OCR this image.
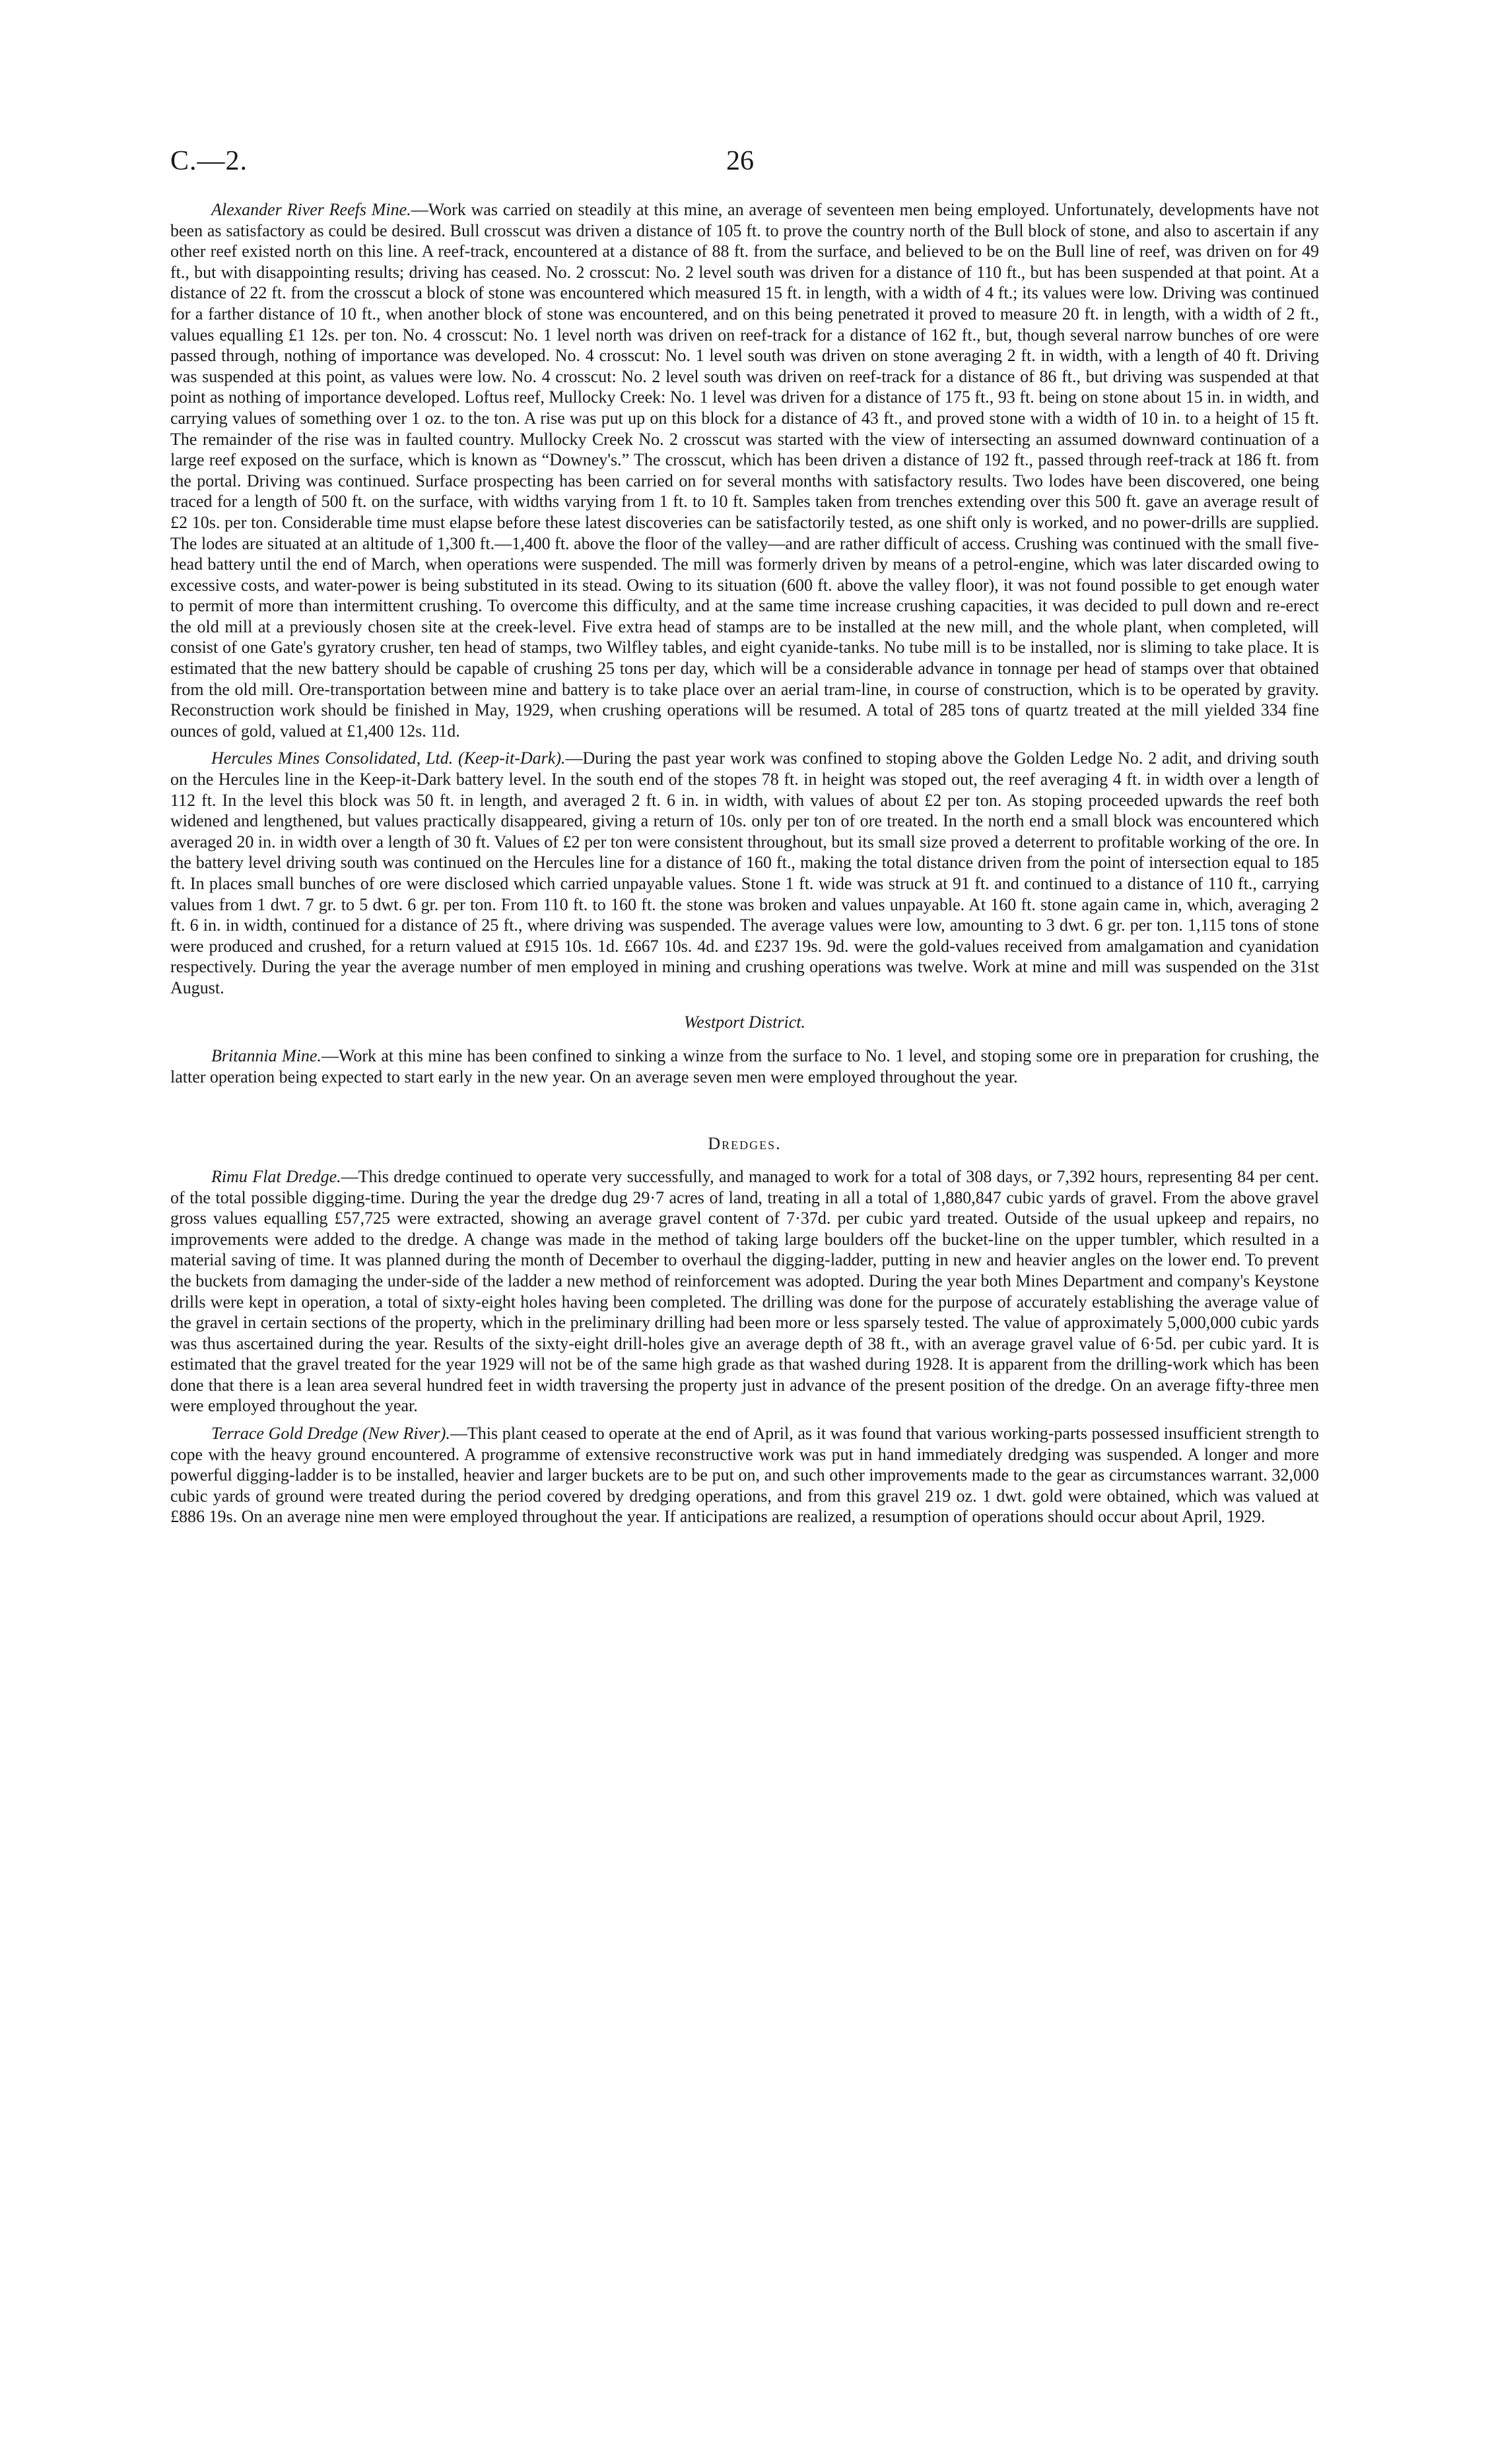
C.—2.	26

Alexander River Reefs Mine.—Work was carried on steadily at this mine, an average of seventeen men being employed. Unfortunately, developments have not been as satisfactory as could be desired. Bull crosscut was driven a distance of 105 ft. to prove the country north of the Bull block of stone, and also to ascertain if any other reef existed north on this line. A reef-track, encountered at a distance of 88 ft. from the surface, and believed to be on the Bull line of reef, was driven on for 49 ft., but with disappointing results; driving has ceased. No. 2 crosscut: No. 2 level south was driven for a distance of 110 ft., but has been suspended at that point. At a distance of 22 ft. from the crosscut a block of stone was encountered which measured 15 ft. in length, with a width of 4 ft.; its values were low. Driving was continued for a farther distance of 10 ft., when another block of stone was encountered, and on this being penetrated it proved to measure 20 ft. in length, with a width of 2 ft., values equalling £1 12s. per ton. No. 4 crosscut: No. 1 level north was driven on reef-track for a distance of 162 ft., but, though several narrow bunches of ore were passed through, nothing of importance was developed. No. 4 crosscut: No. 1 level south was driven on stone averaging 2 ft. in width, with a length of 40 ft. Driving was suspended at this point, as values were low. No. 4 crosscut: No. 2 level south was driven on reef-track for a distance of 86 ft., but driving was suspended at that point as nothing of importance developed. Loftus reef, Mullocky Creek: No. 1 level was driven for a distance of 175 ft., 93 ft. being on stone about 15 in. in width, and carrying values of something over 1 oz. to the ton. A rise was put up on this block for a distance of 43 ft., and proved stone with a width of 10 in. to a height of 15 ft. The remainder of the rise was in faulted country. Mullocky Creek No. 2 crosscut was started with the view of intersecting an assumed downward continuation of a large reef exposed on the surface, which is known as “Downey's.” The crosscut, which has been driven a distance of 192 ft., passed through reef-track at 186 ft. from the portal. Driving was continued. Surface prospecting has been carried on for several months with satisfactory results. Two lodes have been discovered, one being traced for a length of 500 ft. on the surface, with widths varying from 1 ft. to 10 ft. Samples taken from trenches extending over this 500 ft. gave an average result of £2 10s. per ton. Considerable time must elapse before these latest discoveries can be satisfactorily tested, as one shift only is worked, and no power-drills are supplied. The lodes are situated at an altitude of 1,300 ft.—1,400 ft. above the floor of the valley—and are rather difficult of access. Crushing was continued with the small five-head battery until the end of March, when operations were suspended. The mill was formerly driven by means of a petrol-engine, which was later discarded owing to excessive costs, and water-power is being substituted in its stead. Owing to its situation (600 ft. above the valley floor), it was not found possible to get enough water to permit of more than intermittent crushing. To overcome this difficulty, and at the same time increase crushing capacities, it was decided to pull down and re-erect the old mill at a previously chosen site at the creek-level. Five extra head of stamps are to be installed at the new mill, and the whole plant, when completed, will consist of one Gate's gyratory crusher, ten head of stamps, two Wilfley tables, and eight cyanide-tanks. No tube mill is to be installed, nor is sliming to take place. It is estimated that the new battery should be capable of crushing 25 tons per day, which will be a considerable advance in tonnage per head of stamps over that obtained from the old mill. Ore-transportation between mine and battery is to take place over an aerial tram-line, in course of construction, which is to be operated by gravity. Reconstruction work should be finished in May, 1929, when crushing operations will be resumed. A total of 285 tons of quartz treated at the mill yielded 334 fine ounces of gold, valued at £1,400 12s. 11d.

Hercules Mines Consolidated, Ltd. (Keep-it-Dark).—During the past year work was confined to stoping above the Golden Ledge No. 2 adit, and driving south on the Hercules line in the Keep-it-Dark battery level. In the south end of the stopes 78 ft. in height was stoped out, the reef averaging 4 ft. in width over a length of 112 ft. In the level this block was 50 ft. in length, and averaged 2 ft. 6 in. in width, with values of about £2 per ton. As stoping proceeded upwards the reef both widened and lengthened, but values practically disappeared, giving a return of 10s. only per ton of ore treated. In the north end a small block was encountered which averaged 20 in. in width over a length of 30 ft. Values of £2 per ton were consistent throughout, but its small size proved a deterrent to profitable working of the ore. In the battery level driving south was continued on the Hercules line for a distance of 160 ft., making the total distance driven from the point of intersection equal to 185 ft. In places small bunches of ore were disclosed which carried unpayable values. Stone 1 ft. wide was struck at 91 ft. and continued to a distance of 110 ft., carrying values from 1 dwt. 7 gr. to 5 dwt. 6 gr. per ton. From 110 ft. to 160 ft. the stone was broken and values unpayable. At 160 ft. stone again came in, which, averaging 2 ft. 6 in. in width, continued for a distance of 25 ft., where driving was suspended. The average values were low, amounting to 3 dwt. 6 gr. per ton. 1,115 tons of stone were produced and crushed, for a return valued at £915 10s. 1d. £667 10s. 4d. and £237 19s. 9d. were the gold-values received from amalgamation and cyanidation respectively. During the year the average number of men employed in mining and crushing operations was twelve. Work at mine and mill was suspended on the 31st August.

Westport District.

Britannia Mine.—Work at this mine has been confined to sinking a winze from the surface to No. 1 level, and stoping some ore in preparation for crushing, the latter operation being expected to start early in the new year. On an average seven men were employed throughout the year.

Dredges.

Rimu Flat Dredge.—This dredge continued to operate very successfully, and managed to work for a total of 308 days, or 7,392 hours, representing 84 per cent. of the total possible digging-time. During the year the dredge dug 29·7 acres of land, treating in all a total of 1,880,847 cubic yards of gravel. From the above gravel gross values equalling £57,725 were extracted, showing an average gravel content of 7·37d. per cubic yard treated. Outside of the usual upkeep and repairs, no improvements were added to the dredge. A change was made in the method of taking large boulders off the bucket-line on the upper tumbler, which resulted in a material saving of time. It was planned during the month of December to overhaul the digging-ladder, putting in new and heavier angles on the lower end. To prevent the buckets from damaging the under-side of the ladder a new method of reinforcement was adopted. During the year both Mines Department and company's Keystone drills were kept in operation, a total of sixty-eight holes having been completed. The drilling was done for the purpose of accurately establishing the average value of the gravel in certain sections of the property, which in the preliminary drilling had been more or less sparsely tested. The value of approximately 5,000,000 cubic yards was thus ascertained during the year. Results of the sixty-eight drill-holes give an average depth of 38 ft., with an average gravel value of 6·5d. per cubic yard. It is estimated that the gravel treated for the year 1929 will not be of the same high grade as that washed during 1928. It is apparent from the drilling-work which has been done that there is a lean area several hundred feet in width traversing the property just in advance of the present position of the dredge. On an average fifty-three men were employed throughout the year.

Terrace Gold Dredge (New River).—This plant ceased to operate at the end of April, as it was found that various working-parts possessed insufficient strength to cope with the heavy ground encountered. A programme of extensive reconstructive work was put in hand immediately dredging was suspended. A longer and more powerful digging-ladder is to be installed, heavier and larger buckets are to be put on, and such other improvements made to the gear as circumstances warrant. 32,000 cubic yards of ground were treated during the period covered by dredging operations, and from this gravel 219 oz. 1 dwt. gold were obtained, which was valued at £886 19s. On an average nine men were employed throughout the year. If anticipations are realized, a resumption of operations should occur about April, 1929.
